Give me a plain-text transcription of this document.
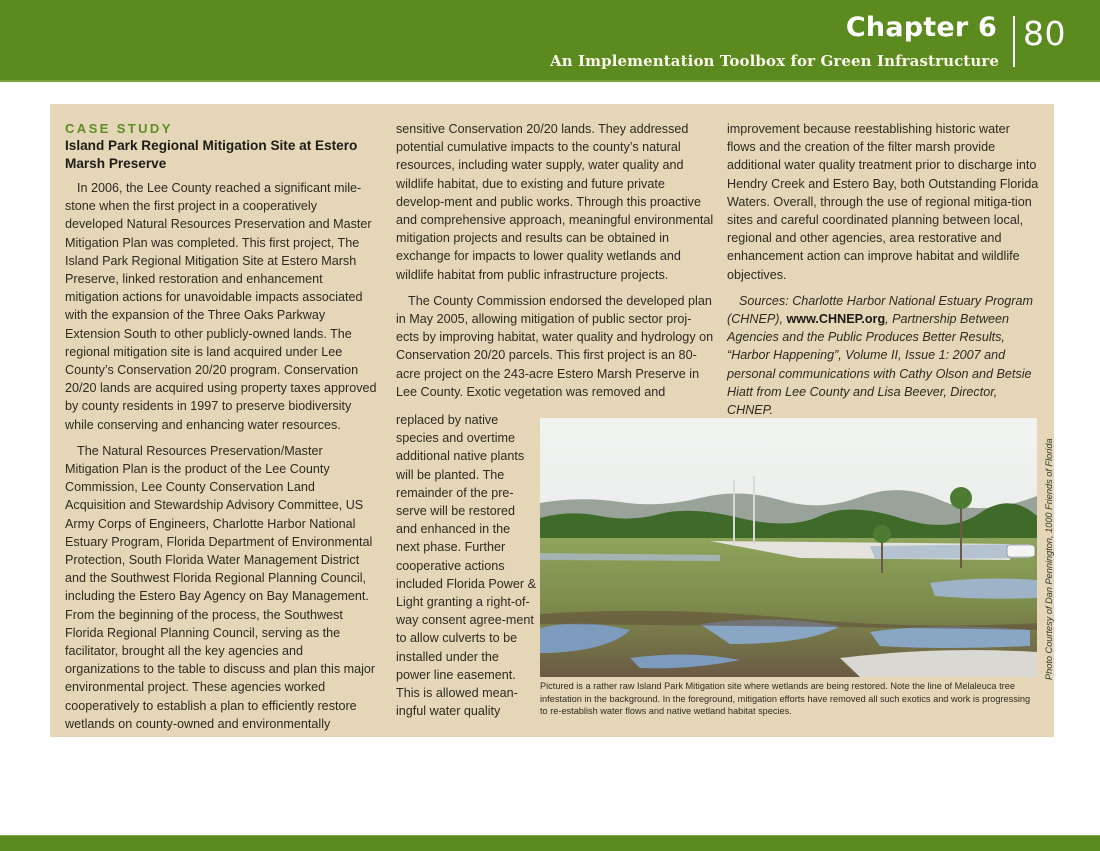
Chapter 6
An Implementation Toolbox for Green Infrastructure
80

CASE STUDY

Island Park Regional Mitigation Site at Estero Marsh Preserve

In 2006, the Lee County reached a significant mile-stone when the first project in a cooperatively developed Natural Resources Preservation and Master Mitigation Plan was completed. This first project, The Island Park Regional Mitigation Site at Estero Marsh Preserve, linked restoration and enhancement mitigation actions for unavoidable impacts associated with the expansion of the Three Oaks Parkway Extension South to other publicly-owned lands. The regional mitigation site is land acquired under Lee County’s Conservation 20/20 program. Conservation 20/20 lands are acquired using property taxes approved by county residents in 1997 to preserve biodiversity while conserving and enhancing water resources.

The Natural Resources Preservation/Master Mitigation Plan is the product of the Lee County Commission, Lee County Conservation Land Acquisition and Stewardship Advisory Committee, US Army Corps of Engineers, Charlotte Harbor National Estuary Program, Florida Department of Environmental Protection, South Florida Water Management District and the Southwest Florida Regional Planning Council, including the Estero Bay Agency on Bay Management. From the beginning of the process, the Southwest Florida Regional Planning Council, serving as the facilitator, brought all the key agencies and organizations to the table to discuss and plan this major environmental project. These agencies worked cooperatively to establish a plan to efficiently restore wetlands on county-owned and environmentally

sensitive Conservation 20/20 lands. They addressed potential cumulative impacts to the county’s natural resources, including water supply, water quality and wildlife habitat, due to existing and future private develop-ment and public works. Through this proactive and comprehensive approach, meaningful environmental mitigation projects and results can be obtained in exchange for impacts to lower quality wetlands and wildlife habitat from public infrastructure projects.

The County Commission endorsed the developed plan in May 2005, allowing mitigation of public sector proj-ects by improving habitat, water quality and hydrology on Conservation 20/20 parcels. This first project is an 80-acre project on the 243-acre Estero Marsh Preserve in Lee County. Exotic vegetation was removed and

replaced by native species and overtime additional native plants will be planted. The remainder of the pre-serve will be restored and enhanced in the next phase. Further cooperative actions included Florida Power & Light granting a right-of-way consent agree-ment to allow culverts to be installed under the power line easement. This is allowed mean-ingful water quality

improvement because reestablishing historic water flows and the creation of the filter marsh provide additional water quality treatment prior to discharge into Hendry Creek and Estero Bay, both Outstanding Florida Waters. Overall, through the use of regional mitiga-tion sites and careful coordinated planning between local, regional and other agencies, area restorative and enhancement action can improve habitat and wildlife objectives.

Sources: Charlotte Harbor National Estuary Program (CHNEP), www.CHNEP.org, Partnership Between Agencies and the Public Produces Better Results, “Harbor Happening”, Volume II, Issue 1: 2007 and personal communications with Cathy Olson and Betsie Hiatt from Lee County and Lisa Beever, Director, CHNEP.

Pictured is a rather raw Island Park Mitigation site where wetlands are being restored. Note the line of Melaleuca tree infestation in the background. In the foreground, mitigation efforts have removed all such exotics and work is progressing to re-establish water flows and native wetland habitat species.
Photo Courtesy of Dan Pennington, 1000 Friends of Florida
